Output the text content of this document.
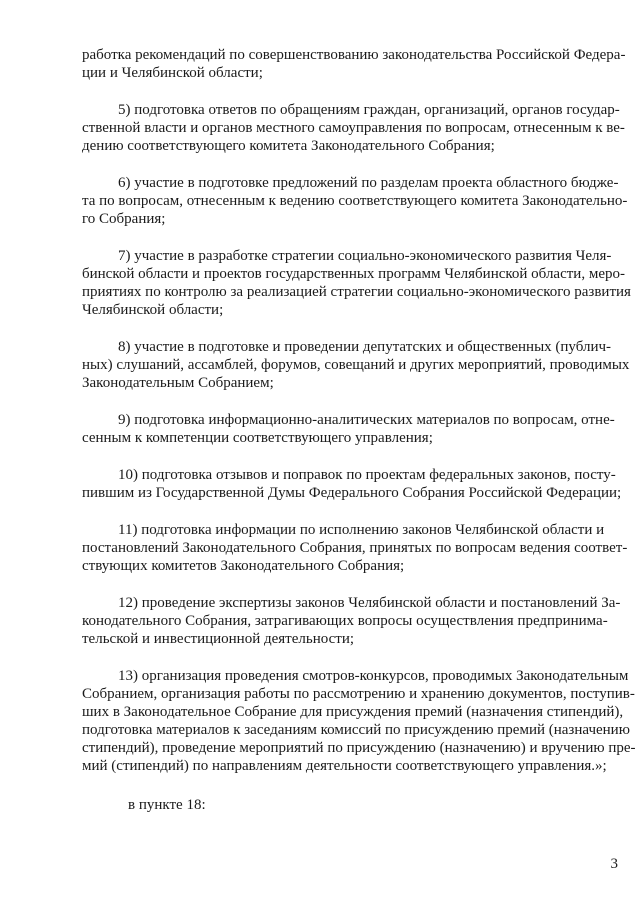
работка рекомендаций по совершенствованию законодательства Российской Федера-

ции и Челябинской области;

5) подготовка ответов по обращениям граждан, организаций, органов государ-

ственной власти и органов местного самоуправления по вопросам, отнесенным к ве-

дению соответствующего комитета Законодательного Собрания;

6) участие в подготовке предложений по разделам проекта областного бюдже-

та по вопросам, отнесенным к ведению соответствующего комитета Законодательно-

го Собрания;

7) участие в разработке стратегии социально-экономического развития Челя-

бинской области и проектов государственных программ Челябинской области, меро-

приятиях по контролю за реализацией стратегии социально-экономического развития

Челябинской области;

8) участие в подготовке и проведении депутатских и общественных (публич-

ных) слушаний, ассамблей, форумов, совещаний и других мероприятий, проводимых

Законодательным Собранием;

9) подготовка информационно-аналитических материалов по вопросам, отне-

сенным к компетенции соответствующего управления;

10) подготовка отзывов и поправок по проектам федеральных законов, посту-

пившим из Государственной Думы Федерального Собрания Российской Федерации;

11) подготовка информации по исполнению законов Челябинской области и

постановлений Законодательного Собрания, принятых по вопросам ведения соответ-

ствующих комитетов Законодательного Собрания;

12) проведение экспертизы законов Челябинской области и постановлений За-

конодательного Собрания, затрагивающих вопросы осуществления предпринима-

тельской и инвестиционной деятельности;

13) организация проведения смотров-конкурсов, проводимых Законодательным

Собранием, организация работы по рассмотрению и хранению документов, поступив-

ших в Законодательное Собрание для присуждения премий (назначения стипендий),

подготовка материалов к заседаниям комиссий по присуждению премий (назначению

стипендий), проведение мероприятий по присуждению (назначению) и вручению пре-

мий (стипендий) по направлениям деятельности соответствующего управления.»;

в пункте 18:

3
